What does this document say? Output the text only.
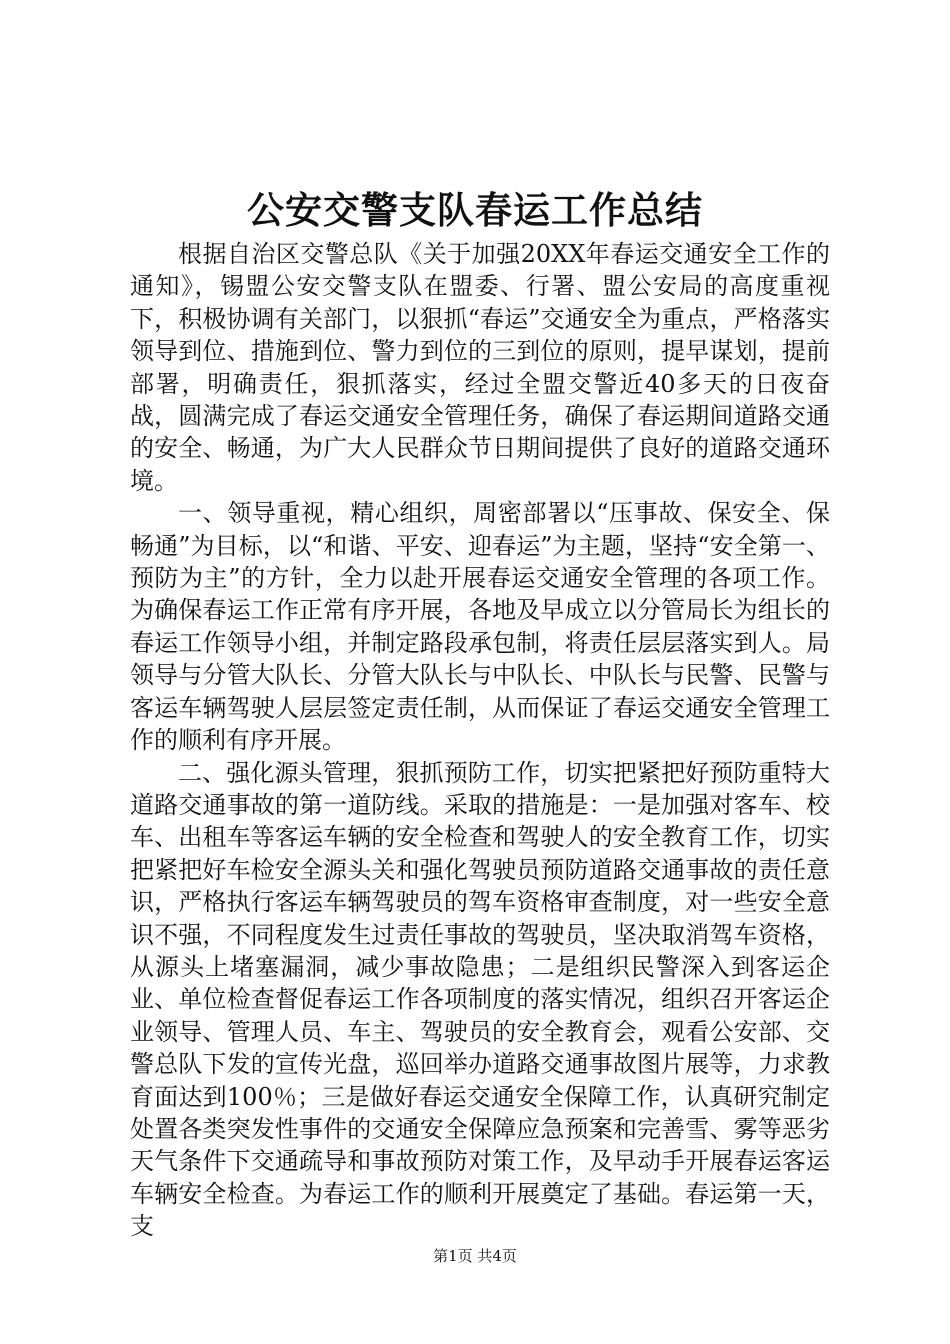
公安交警支队春运工作总结

根据自治区交警总队《关于加强20XX年春运交通安全工作的通知》，锡盟公安交警支队在盟委、行署、盟公安局的高度重视下，积极协调有关部门，以狠抓“春运”交通安全为重点，严格落实领导到位、措施到位、警力到位的三到位的原则，提早谋划，提前部署，明确责任，狠抓落实，经过全盟交警近40多天的日夜奋战，圆满完成了春运交通安全管理任务，确保了春运期间道路交通的安全、畅通，为广大人民群众节日期间提供了良好的道路交通环境。

一、领导重视，精心组织，周密部署以“压事故、保安全、保畅通”为目标，以“和谐、平安、迎春运”为主题，坚持“安全第一、预防为主”的方针，全力以赴开展春运交通安全管理的各项工作。为确保春运工作正常有序开展，各地及早成立以分管局长为组长的春运工作领导小组，并制定路段承包制，将责任层层落实到人。局领导与分管大队长、分管大队长与中队长、中队长与民警、民警与客运车辆驾驶人层层签定责任制，从而保证了春运交通安全管理工作的顺利有序开展。

二、强化源头管理，狠抓预防工作，切实把紧把好预防重特大道路交通事故的第一道防线。采取的措施是：一是加强对客车、校车、出租车等客运车辆的安全检查和驾驶人的安全教育工作，切实把紧把好车检安全源头关和强化驾驶员预防道路交通事故的责任意识，严格执行客运车辆驾驶员的驾车资格审查制度，对一些安全意识不强，不同程度发生过责任事故的驾驶员，坚决取消驾车资格，从源头上堵塞漏洞，减少事故隐患；二是组织民警深入到客运企业、单位检查督促春运工作各项制度的落实情况，组织召开客运企业领导、管理人员、车主、驾驶员的安全教育会，观看公安部、交警总队下发的宣传光盘，巡回举办道路交通事故图片展等，力求教育面达到100％；三是做好春运交通安全保障工作，认真研究制定处置各类突发性事件的交通安全保障应急预案和完善雪、雾等恶劣天气条件下交通疏导和事故预防对策工作，及早动手开展春运客运车辆安全检查。为春运工作的顺利开展奠定了基础。春运第一天，支

第1页 共4页
